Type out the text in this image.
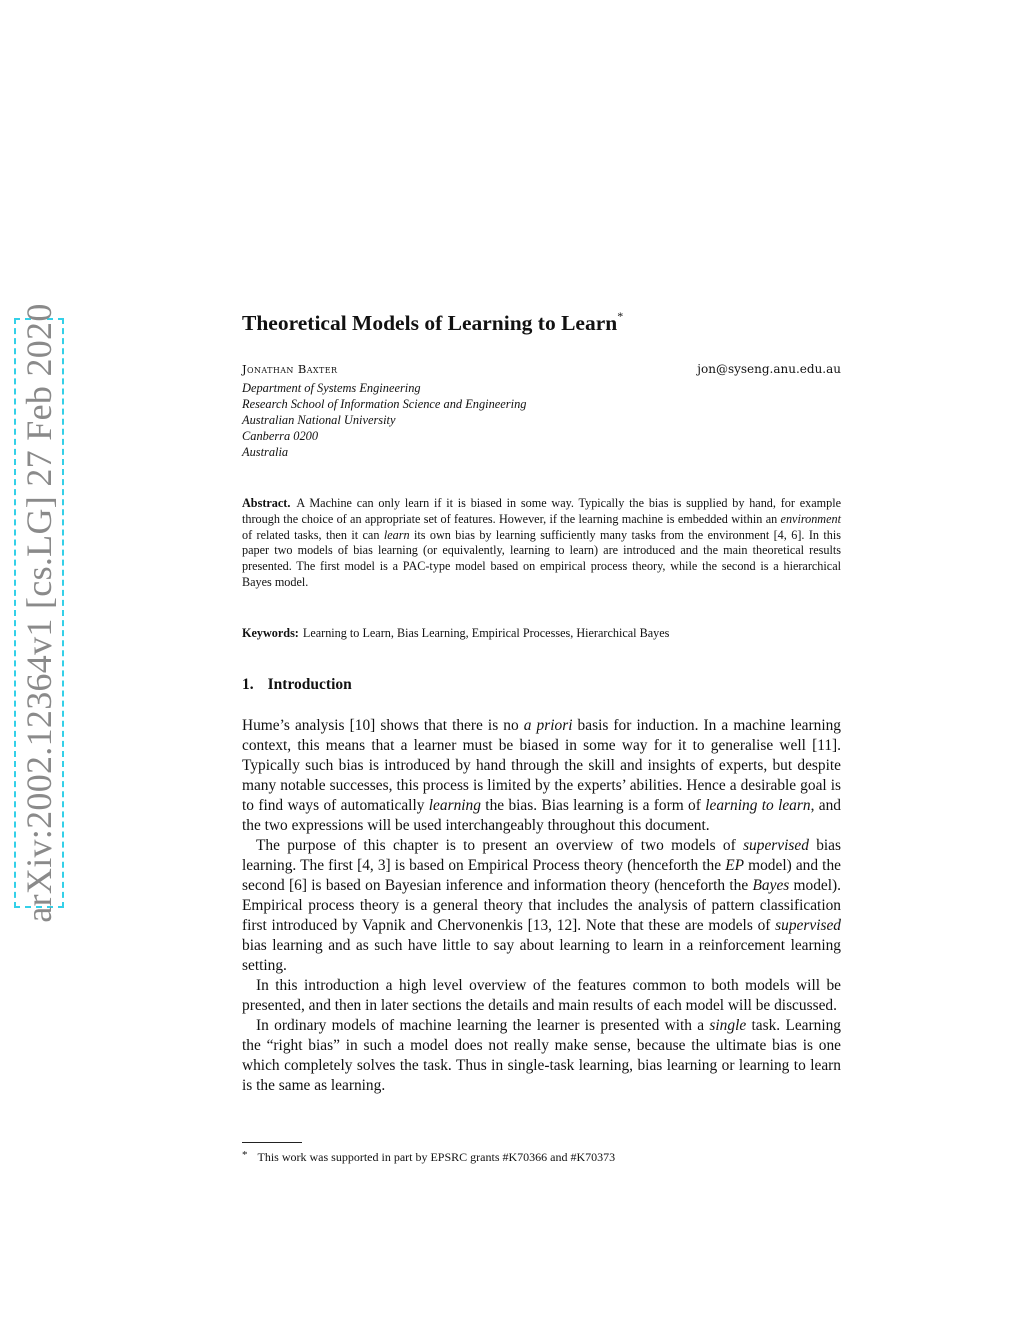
arXiv:2002.12364v1 [cs.LG] 27 Feb 2020	Theoretical Models of Learning to Learn*
Jonathan Baxter	jon@syseng.anu.edu.au
Department of Systems Engineering
Research School of Information Science and Engineering
Australian National University
Canberra 0200
Australia
Abstract. A Machine can only learn if it is biased in some way. Typically the bias is supplied by hand, for example through the choice of an appropriate set of features. However, if the learning machine is embedded within an environment of related tasks, then it can learn its own bias by learning sufficiently many tasks from the environment [4, 6]. In this paper two models of bias learning (or equivalently, learning to learn) are introduced and the main theoretical results presented. The first model is a PAC-type model based on empirical process theory, while the second is a hierarchical Bayes model.
Keywords: Learning to Learn, Bias Learning, Empirical Processes, Hierarchical Bayes
1. Introduction

Hume’s analysis [10] shows that there is no a priori basis for induction. In a machine learning context, this means that a learner must be biased in some way for it to generalise well [11]. Typically such bias is introduced by hand through the skill and insights of experts, but despite many notable successes, this process is limited by the experts’ abilities. Hence a desirable goal is to find ways of automatically learning the bias. Bias learning is a form of learning to learn, and the two expressions will be used interchangeably throughout this document.

The purpose of this chapter is to present an overview of two models of supervised bias learning. The first [4, 3] is based on Empirical Process theory (henceforth the EP model) and the second [6] is based on Bayesian inference and information theory (henceforth the Bayes model). Empirical process theory is a general theory that includes the analysis of pattern classification first introduced by Vapnik and Chervonenkis [13, 12]. Note that these are models of supervised bias learning and as such have little to say about learning to learn in a reinforcement learning setting.

In this introduction a high level overview of the features common to both models will be presented, and then in later sections the details and main results of each model will be discussed.

In ordinary models of machine learning the learner is presented with a single task. Learning the “right bias” in such a model does not really make sense, because the ultimate bias is one which completely solves the task. Thus in single-task learning, bias learning or learning to learn is the same as learning.

* This work was supported in part by EPSRC grants #K70366 and #K70373
